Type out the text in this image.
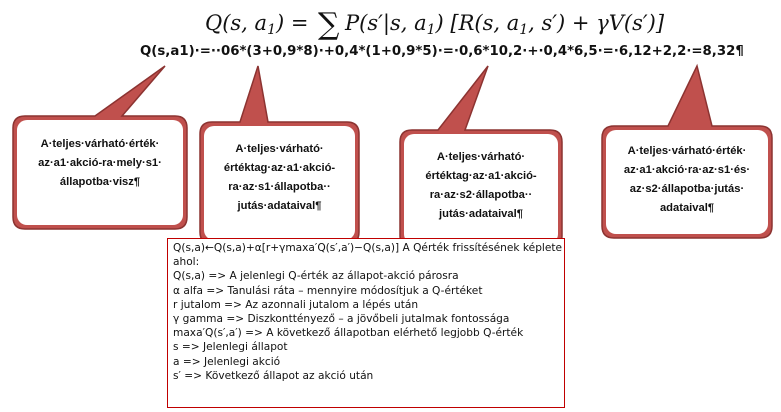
Q(s, a1) = ∑ P(s′|s, a1) [R(s, a1, s′) + γV(s′)]
Q(s,a1)·=··06*(3+0,9*8)·+0,4*(1+0,9*5)·=·0,6*10,2·+·0,4*6,5·=·6,12+2,2·=8,32¶
A·teljes·várható·érték·
az·a1·akció-ra·mely·s1·
állapotba·visz¶
A·teljes·várható·
értéktag·az·a1·akció-
ra·az·s1·állapotba··
jutás·adataival¶
A·teljes·várható·
értéktag·az·a1·akció-
ra·az·s2·állapotba··
jutás·adataival¶
A·teljes·várható·érték·
az·a1·akció·ra·az·s1·és·
az·s2·állapotba·jutás·
adataival¶
Q(s,a)←Q(s,a)+α[r+γmaxa′Q(s′,a′)−Q(s,a)] A Qérték frissítésének képlete
ahol:
Q(s,a) => A jelenlegi Q-érték az állapot-akció párosra
α alfa => Tanulási ráta – mennyire módosítjuk a Q-értéket
r jutalom => Az azonnali jutalom a lépés után
γ gamma => Diszkonttényező – a jövőbeli jutalmak fontossága
maxa′Q(s′,a′) => A következő állapotban elérhető legjobb Q-érték
s => Jelenlegi állapot
a => Jelenlegi akció
s′ => Következő állapot az akció után
